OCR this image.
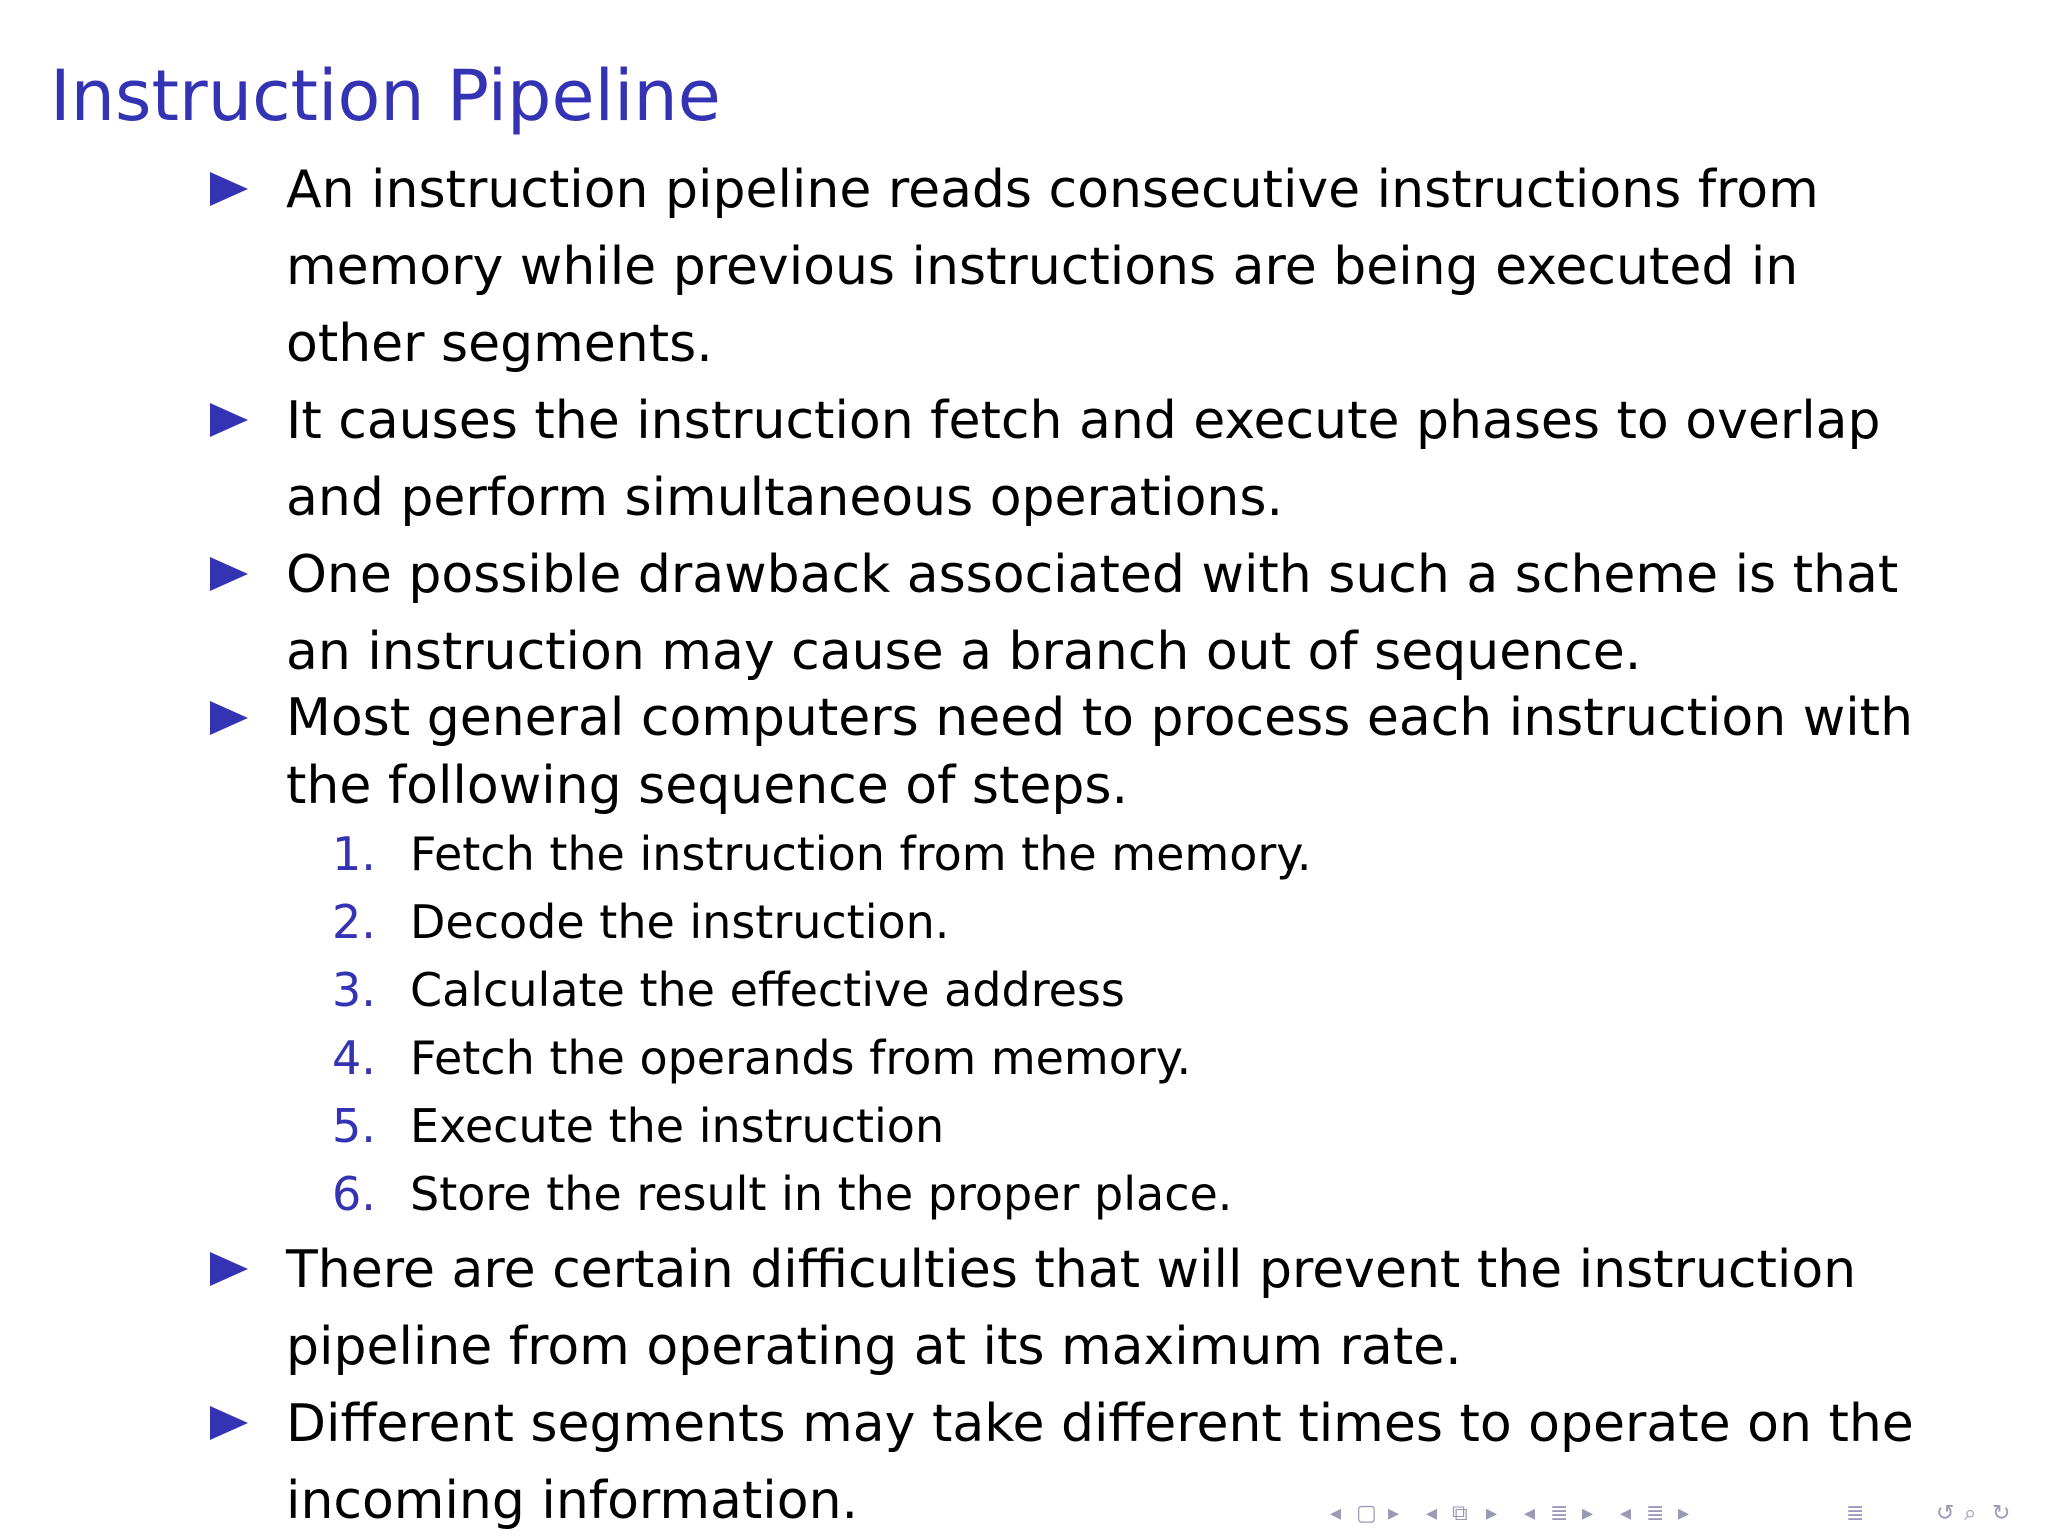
Instruction Pipeline
An instruction pipeline reads consecutive instructions from
memory while previous instructions are being executed in
other segments.
It causes the instruction fetch and execute phases to overlap
and perform simultaneous operations.
One possible drawback associated with such a scheme is that
an instruction may cause a branch out of sequence.
Most general computers need to process each instruction with
the following sequence of steps.
1. Fetch the instruction from the memory.
2. Decode the instruction.
3. Calculate the effective address
4. Fetch the operands from memory.
5. Execute the instruction
6. Store the result in the proper place.
There are certain difficulties that will prevent the instruction
pipeline from operating at its maximum rate.
Different segments may take different times to operate on the
incoming information.	◂ ▢ ▸ ◂ ⧉ ▸ ◂ ≣ ▸ ◂ ≣ ▸	≣	↺ ⌕ ↻
